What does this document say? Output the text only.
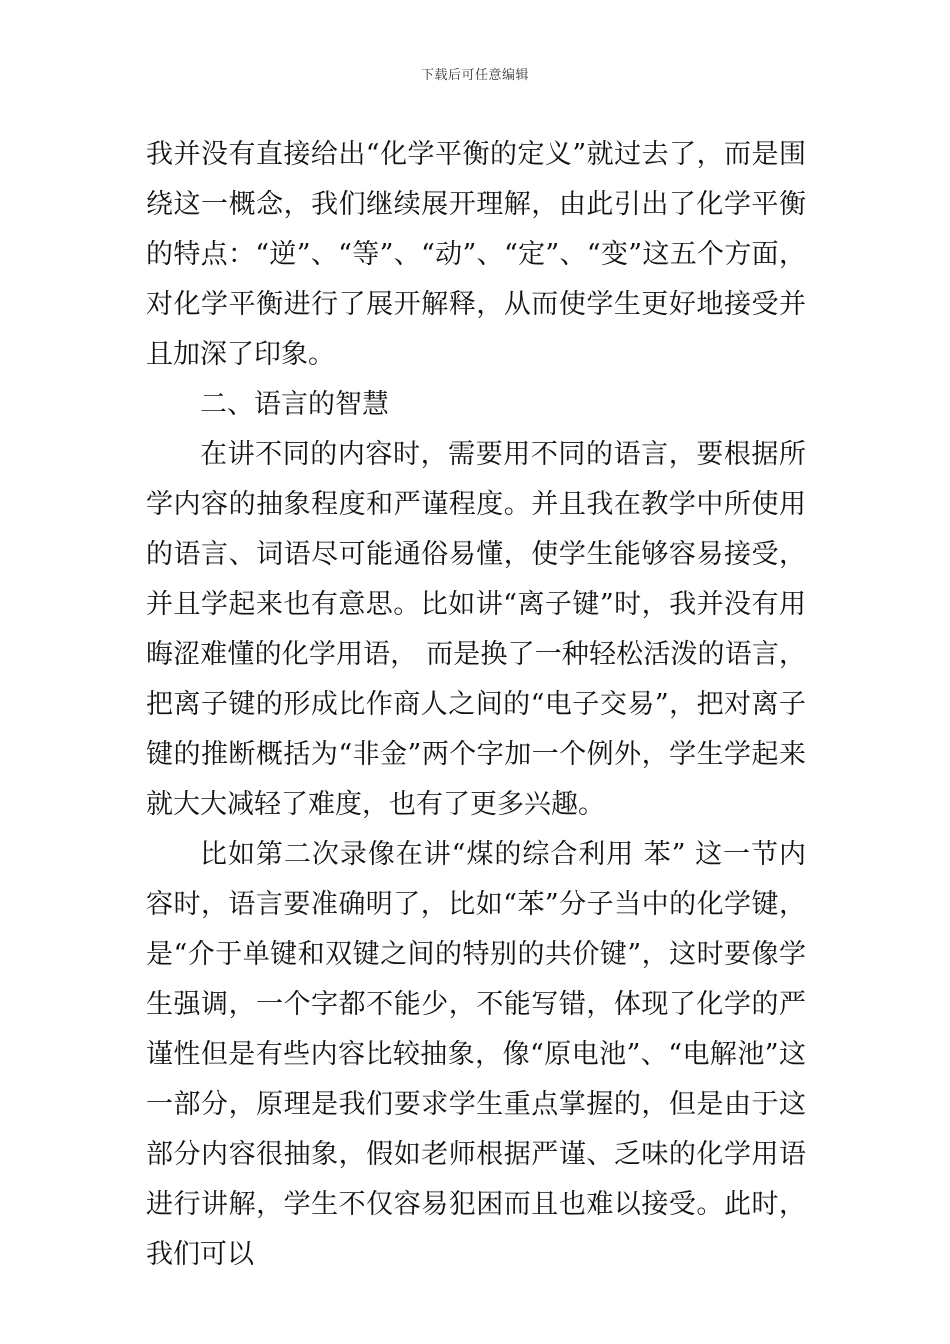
下载后可任意编辑

我并没有直接给出“化学平衡的定义”就过去了，而是围绕这一概念，我们继续展开理解，由此引出了化学平衡的特点：“逆”、“等”、“动”、“定”、“变”这五个方面，对化学平衡进行了展开解释，从而使学生更好地接受并且加深了印象。

二、语言的智慧

在讲不同的内容时，需要用不同的语言，要根据所学内容的抽象程度和严谨程度。并且我在教学中所使用的语言、词语尽可能通俗易懂，使学生能够容易接受，并且学起来也有意思。比如讲“离子键”时，我并没有用晦涩难懂的化学用语， 而是换了一种轻松活泼的语言，把离子键的形成比作商人之间的“电子交易”，把对离子键的推断概括为“非金”两个字加一个例外，学生学起来就大大减轻了难度，也有了更多兴趣。

比如第二次录像在讲“煤的综合利用 苯” 这一节内容时，语言要准确明了，比如“苯”分子当中的化学键，是“介于单键和双键之间的特别的共价键”，这时要像学生强调，一个字都不能少，不能写错，体现了化学的严谨性但是有些内容比较抽象，像“原电池”、“电解池”这一部分，原理是我们要求学生重点掌握的，但是由于这部分内容很抽象，假如老师根据严谨、乏味的化学用语进行讲解，学生不仅容易犯困而且也难以接受。此时，我们可以
